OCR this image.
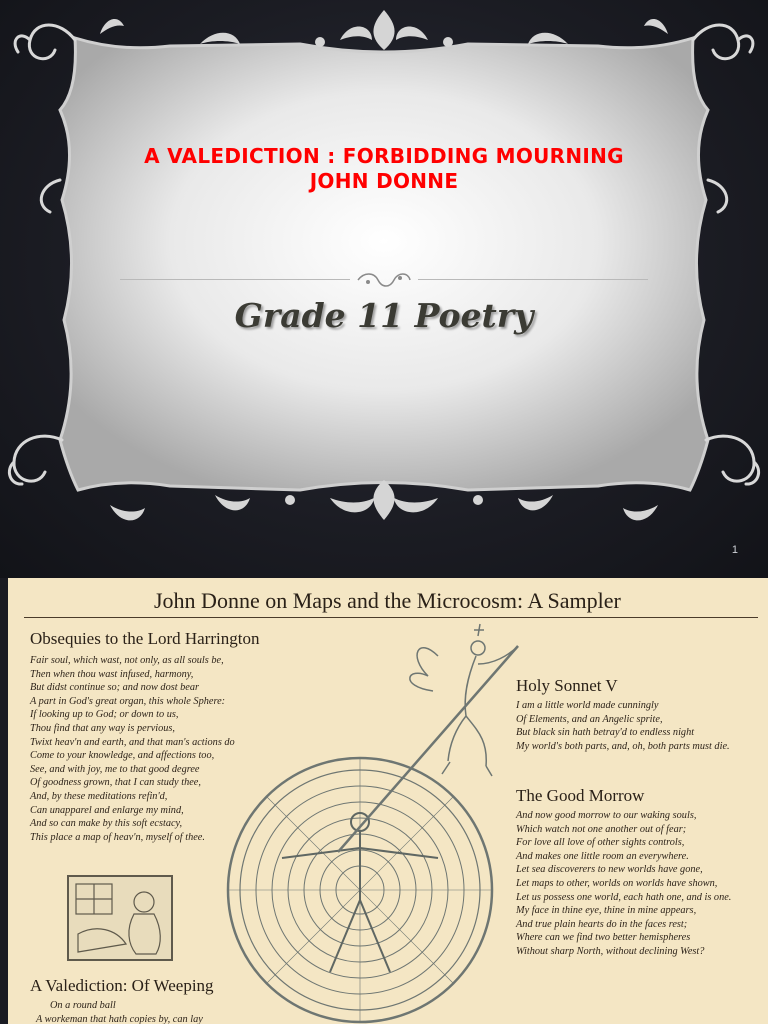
A VALEDICTION : FORBIDDING MOURNING
JOHN DONNE
Grade 11 Poetry
1
John Donne on Maps and the Microcosm: A Sampler
Obsequies to the Lord Harrington
Fair soul, which wast, not only, as all souls be,
Then when thou wast infused, harmony,
But didst continue so; and now dost bear
A part in God's great organ, this whole Sphere:
If looking up to God; or down to us,
Thou find that any way is pervious,
Twixt heav'n and earth, and that man's actions do
Come to your knowledge, and affections too,
See, and with joy, me to that good degree
Of goodness grown, that I can study thee,
And, by these meditations refin'd,
Can unapparel and enlarge my mind,
And so can make by this soft ecstacy,
This place a map of heav'n, myself of thee.
Holy Sonnet V
I am a little world made cunningly
Of Elements, and an Angelic sprite,
But black sin hath betray'd to endless night
My world's both parts, and, oh, both parts must die.
The Good Morrow
And now good morrow to our waking souls,
Which watch not one another out of fear;
For love all love of other sights controls,
And makes one little room an everywhere.
Let sea discoverers to new worlds have gone,
Let maps to other, worlds on worlds have shown,
Let us possess one world, each hath one, and is one.
My face in thine eye, thine in mine appears,
And true plain hearts do in the faces rest;
Where can we find two better hemispheres
Without sharp North, without declining West?
A Valediction: Of Weeping
On a round ball
A workeman that hath copies by, can lay
